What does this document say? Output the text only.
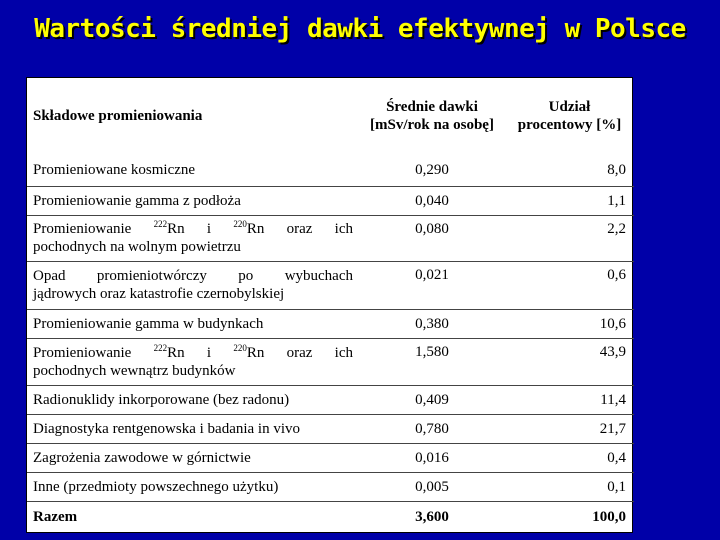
Wartości średniej dawki efektywnej w Polsce
Składowe promieniowania	Średnie dawki [mSv/rok na osobę]	Udział procentowy [%]
Promieniowane kosmiczne	0,290	8,0
Promieniowanie gamma z podłoża	0,040	1,1

Promieniowanie $^{222}$Rn i $^{220}$Rn oraz ich
pochodnych na wolnym powietrzu	0,080	2,2

Opad promieniotwórczy po wybuchach
jądrowych oraz katastrofie czernobylskiej	0,021	0,6
Promieniowanie gamma w budynkach	0,380	10,6

Promieniowanie $^{222}$Rn i $^{220}$Rn oraz ich
pochodnych wewnątrz budynków	1,580	43,9
Radionuklidy inkorporowane (bez radonu)	0,409	11,4
Diagnostyka rentgenowska i badania in vivo	0,780	21,7
Zagrożenia zawodowe w górnictwie	0,016	0,4
Inne (przedmioty powszechnego użytku)	0,005	0,1
Razem	3,600	100,0
